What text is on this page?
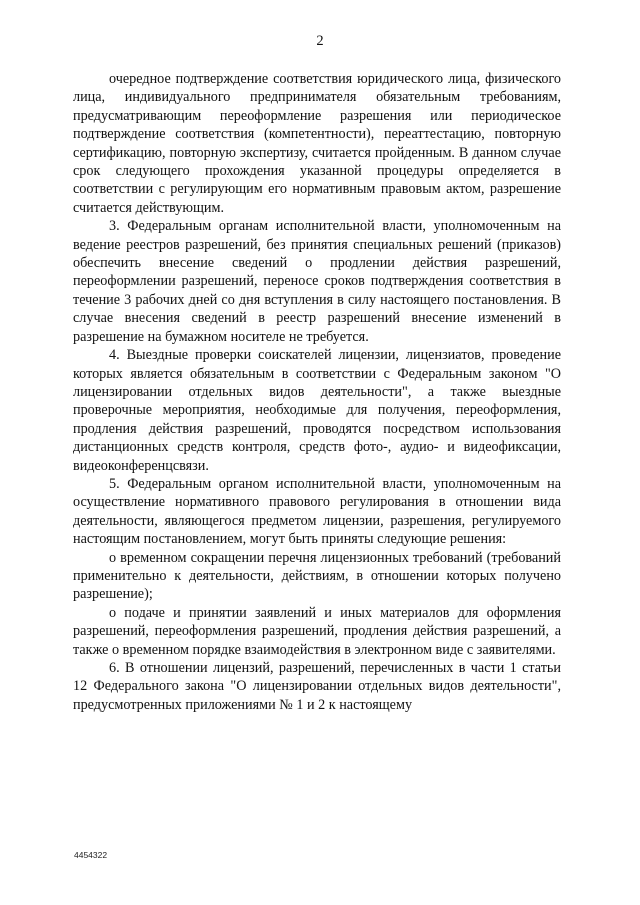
2

очередное подтверждение соответствия юридического лица, физического лица, индивидуального предпринимателя обязательным требованиям, предусматривающим переоформление разрешения или периодическое подтверждение соответствия (компетентности), переаттестацию, повторную сертификацию, повторную экспертизу, считается пройденным. В данном случае срок следующего прохождения указанной процедуры определяется в соответствии с регулирующим его нормативным правовым актом, разрешение считается действующим.

3. Федеральным органам исполнительной власти, уполномоченным на ведение реестров разрешений, без принятия специальных решений (приказов) обеспечить внесение сведений о продлении действия разрешений, переоформлении разрешений, переносе сроков подтверждения соответствия в течение 3 рабочих дней со дня вступления в силу настоящего постановления. В случае внесения сведений в реестр разрешений внесение изменений в разрешение на бумажном носителе не требуется.

4. Выездные проверки соискателей лицензии, лицензиатов, проведение которых является обязательным в соответствии с Федеральным законом "О лицензировании отдельных видов деятельности", а также выездные проверочные мероприятия, необходимые для получения, переоформления, продления действия разрешений, проводятся посредством использования дистанционных средств контроля, средств фото-, аудио- и видеофиксации, видеоконференцсвязи.

5. Федеральным органом исполнительной власти, уполномоченным на осуществление нормативного правового регулирования в отношении вида деятельности, являющегося предметом лицензии, разрешения, регулируемого настоящим постановлением, могут быть приняты следующие решения:

о временном сокращении перечня лицензионных требований (требований применительно к деятельности, действиям, в отношении которых получено разрешение);

о подаче и принятии заявлений и иных материалов для оформления разрешений, переоформления разрешений, продления действия разрешений, а также о временном порядке взаимодействия в электронном виде с заявителями.

6. В отношении лицензий, разрешений, перечисленных в части 1 статьи 12 Федерального закона "О лицензировании отдельных видов деятельности", предусмотренных приложениями № 1 и 2 к настоящему

4454322
